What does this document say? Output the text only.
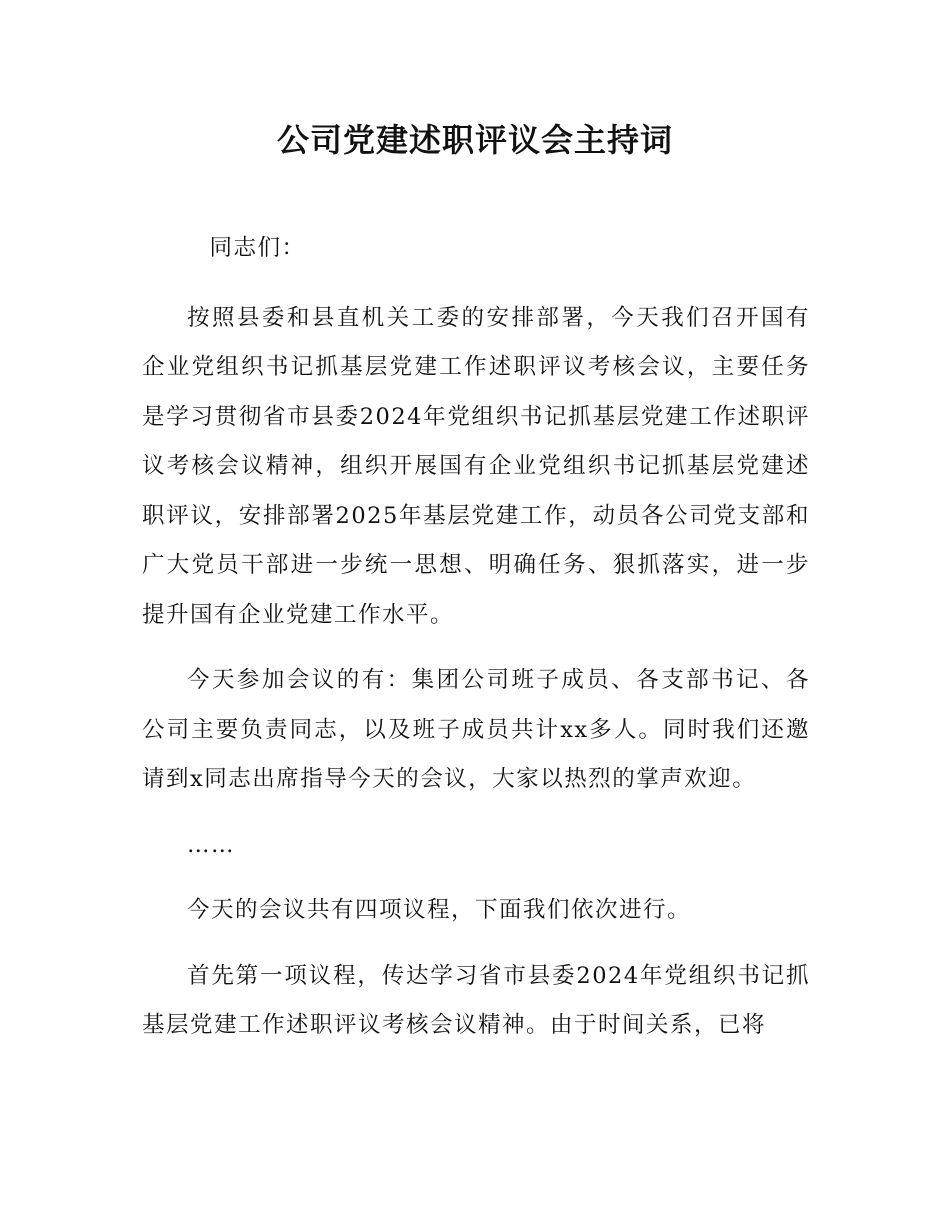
公司党建述职评议会主持词

同志们：

按照县委和县直机关工委的安排部署，今天我们召开国有企业党组织书记抓基层党建工作述职评议考核会议，主要任务是学习贯彻省市县委2024年党组织书记抓基层党建工作述职评议考核会议精神，组织开展国有企业党组织书记抓基层党建述职评议，安排部署2025年基层党建工作，动员各公司党支部和广大党员干部进一步统一思想、明确任务、狠抓落实，进一步提升国有企业党建工作水平。

今天参加会议的有：集团公司班子成员、各支部书记、各公司主要负责同志，以及班子成员共计xx多人。同时我们还邀请到x同志出席指导今天的会议，大家以热烈的掌声欢迎。

……

今天的会议共有四项议程，下面我们依次进行。

首先第一项议程，传达学习省市县委2024年党组织书记抓基层党建工作述职评议考核会议精神。由于时间关系，已将
